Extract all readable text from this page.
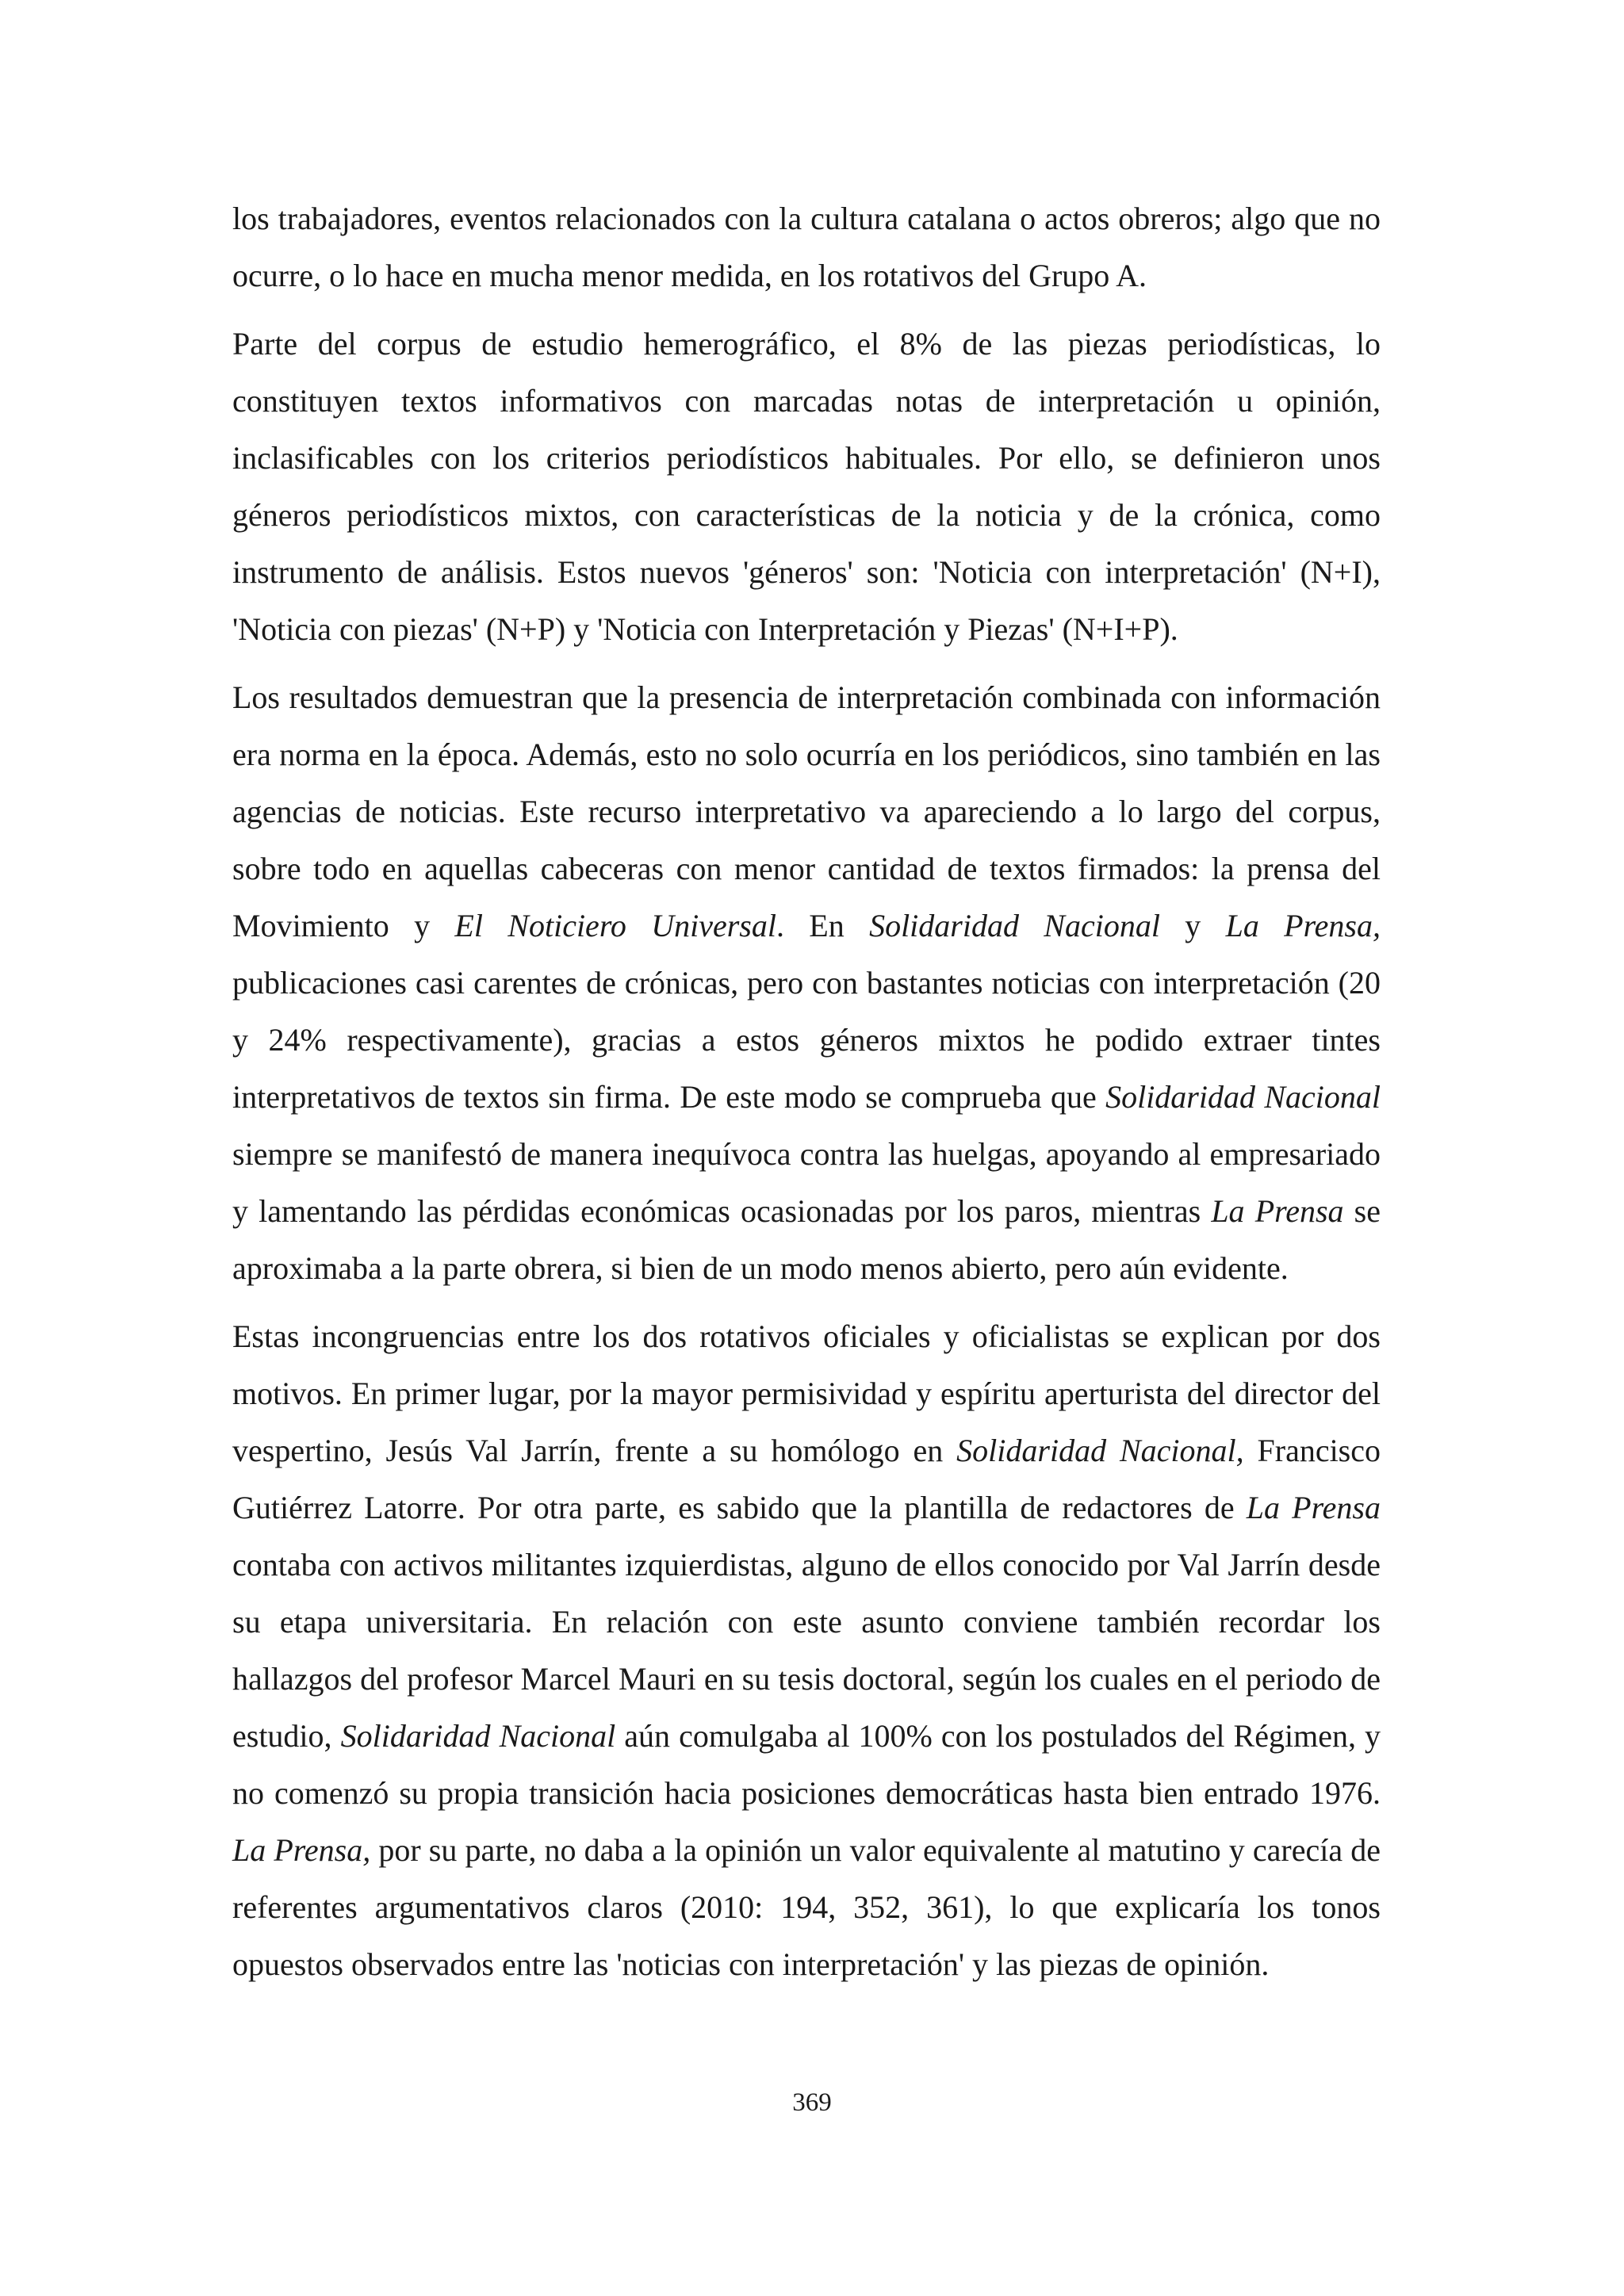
los trabajadores, eventos relacionados con la cultura catalana o actos obreros; algo que no ocurre, o lo hace en mucha menor medida, en los rotativos del Grupo A.

Parte del corpus de estudio hemerográfico, el 8% de las piezas periodísticas, lo constituyen textos informativos con marcadas notas de interpretación u opinión, inclasificables con los criterios periodísticos habituales. Por ello, se definieron unos géneros periodísticos mixtos, con características de la noticia y de la crónica, como instrumento de análisis. Estos nuevos 'géneros' son: 'Noticia con interpretación' (N+I), 'Noticia con piezas' (N+P) y 'Noticia con Interpretación y Piezas' (N+I+P).

Los resultados demuestran que la presencia de interpretación combinada con información era norma en la época. Además, esto no solo ocurría en los periódicos, sino también en las agencias de noticias. Este recurso interpretativo va apareciendo a lo largo del corpus, sobre todo en aquellas cabeceras con menor cantidad de textos firmados: la prensa del Movimiento y El Noticiero Universal. En Solidaridad Nacional y La Prensa, publicaciones casi carentes de crónicas, pero con bastantes noticias con interpretación (20 y 24% respectivamente), gracias a estos géneros mixtos he podido extraer tintes interpretativos de textos sin firma. De este modo se comprueba que Solidaridad Nacional siempre se manifestó de manera inequívoca contra las huelgas, apoyando al empresariado y lamentando las pérdidas económicas ocasionadas por los paros, mientras La Prensa se aproximaba a la parte obrera, si bien de un modo menos abierto, pero aún evidente.

Estas incongruencias entre los dos rotativos oficiales y oficialistas se explican por dos motivos. En primer lugar, por la mayor permisividad y espíritu aperturista del director del vespertino, Jesús Val Jarrín, frente a su homólogo en Solidaridad Nacional, Francisco Gutiérrez Latorre. Por otra parte, es sabido que la plantilla de redactores de La Prensa contaba con activos militantes izquierdistas, alguno de ellos conocido por Val Jarrín desde su etapa universitaria. En relación con este asunto conviene también recordar los hallazgos del profesor Marcel Mauri en su tesis doctoral, según los cuales en el periodo de estudio, Solidaridad Nacional aún comulgaba al 100% con los postulados del Régimen, y no comenzó su propia transición hacia posiciones democráticas hasta bien entrado 1976. La Prensa, por su parte, no daba a la opinión un valor equivalente al matutino y carecía de referentes argumentativos claros (2010: 194, 352, 361), lo que explicaría los tonos opuestos observados entre las 'noticias con interpretación' y las piezas de opinión.

369
